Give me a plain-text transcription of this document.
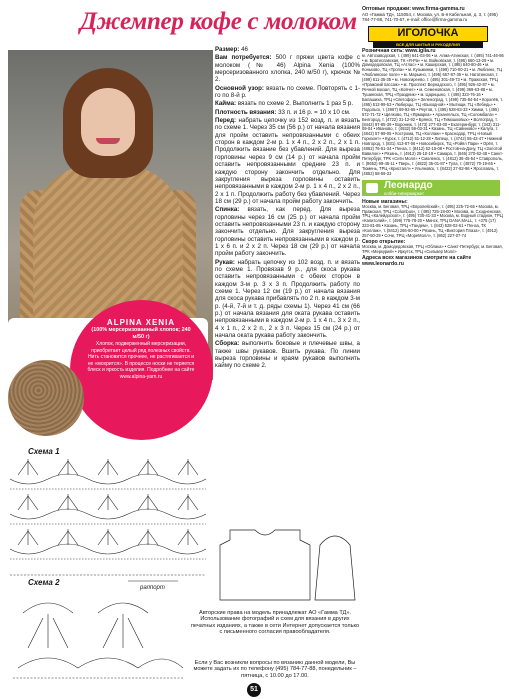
Джемпер кофе с молоком
ALPINA XENIA
(100% мерсеризованный хлопок; 240 м/50 г)
Хлопок, подверженный мерсеризации, приобретает целый ряд полезных свойств. Нить становится прочнее, не растягивается и не «мохрится». В процессе носки не теряется блеск и яркость изделия. Подробнее на сайте www.alpina-yarn.ru

Размер: 46

Вам потребуется: 500 г пряжи цвета кофе с молоком (№ 46) Alpina Xenia (100% мерсеризованного хлопка, 240 м/50 г), крючок № 2.

Основной узор: вязать по схеме. Повторять с 1-го по 8-й р.

Кайма: вязать по схеме 2. Выполнить 1 раз 5 р.

Плотность вязания: 33 п. и 16 р. = 10 х 10 см.

Перед: набрать цепочку из 152 возд. п. и вязать по схеме 1. Через 35 см (56 р.) от начала вязания для пройм оставить непровязанными с обеих сторон в каждом 2-м р. 1 х 4 п., 2 х 2 п., 2 х 1 п. Продолжить вязание без убавлений. Для выреза горловины через 9 см (14 р.) от начала пройм оставить непровязанными средние 23 п. и каждую сторону закончить отдельно. Для закругления выреза горловины оставить непровязанными в каждом 2-м р. 1 х 4 п., 2 х 2 п., 2 х 1 п. Продолжить работу без убавлений. Через 18 см (29 р.) от начала пройм работу закончить.

Спинка: вязать, как перед. Для выреза горловины через 16 см (25 р.) от начала пройм оставить непровязанными 23 п. и каждую сторону закончить отдельно. Для закругления выреза горловины оставить непровязанными в каждом р. 1 х 6 п. и 2 х 2 п. Через 18 см (29 р.) от начала пройм работу закончить.

Рукав: набрать цепочку из 102 возд. п. и вязать по схеме 1. Провязав 9 р., для скоса рукава оставить непровязанными с обеих сторон в каждом 3-м р. 3 х 3 п. Продолжить работу по схеме 1. Через 12 см (19 р.) от начала вязания для скоса рукава прибавлять по 2 п. в каждом 3-м р. (4-й, 7-й и т. д. ряды схемы 1). Через 41 см (66 р.) от начала вязания для оката рукава оставить непровязанными в каждом 2-м р. 1 х 4 п., 3 х 2 п., 4 х 1 п., 2 х 2 п., 2 х 3 п. Через 15 см (24 р.) от начала оката рукава работу закончить.

Сборка: выполнить боковые и плечевые швы, а также швы рукавов. Вшить рукава. По линии выреза горловины и краям рукавов выполнить кайму по схеме 2.

Схема 1
раппорт
Схема 2
Авторские права на модель принадлежат АО «Гамма ТД». Использование фотографий и схем для вязания в других печатных изданиях, а также в сети Интернет допускается только с письменного согласия правообладателя.
Если у Вас возникли вопросы по вязанию данной модели, Вы можете задать их по телефону (495) 784-77-88, понедельник – пятница, с 10.00 до 17.00.
51
Оптовые продажи: www.firma-gamma.ru
АО «Гамма ТД», 115054, г. Москва, ул. Б-я Кабельная, д. 3, т. (495) 784-77-88, 741-70-67, e-mail: office@firma-gamma.ru
ИГОЛОЧКА
ВСЕ ДЛЯ ШИТЬЯ И РУКОДЕЛИЯ
Розничная сеть: www.iglia.ru
м. Автозаводская, т. (499) 641-03-06 • м. Алма-Атинская, т. (495) 741-46-86 • м. Братиславская, ТК «Я-Ра» • м. Войковская, т. (495) 660-13-28 • м. Домодедовская, ТЦ «Атлас» • м. Каширская, т. (495) 640-80-46 • м. Коньково, ТЦ «Тропа» • м. Кузьминки, т. (499) 710-00-21 • м. Люблино, ТЦ «Люблинское поле» • м. Марьино, т. (495) 657-87-35 • м. Нагатинская, т. (499) 611-35-35 • м. Новогиреево, т. (495) 301-49-73 • м. Пражская, ТРЦ «Пражский пассаж» • м. Проспект Вернадского, т. (495) 926-42-87 • м. Речной вокзал, ТЦ «Ковчег» • м. Семеновская, т. (499) 369-63-88 • м. Тушинская, ТРЦ «Праздник» • м. Царицыно, т. (495) 323-76-16 • Балашиха, ТРЦ «Светофор» • Зеленоград, т. (499) 735-84-54 • Королёв, т. (495) 512-99-53 • Люберцы, ТЦ «Выходной» • Мытищи, ТЦ «Лебедь» • Подольск, т. (4967) 69-92-65 • Реутов, т. (495) 528-63-33 • Химки, т. (495) 572-71-72 • Щёлково, ТЦ «Ярмарка» • Архангельск, ТЦ «Соломбала» • Белгород, т. (4722) 31-12-92 • Брянск, ТЦ «Тимошковых» • Волгоград, т. (8442) 97-85-39 • Воронеж, т. (473) 277-03-00 • Екатеринбург, т. (343) 311-09-04 • Иваново, т. (4932) 59-03-31 • Казань, ТЦ «Савиново» • Калуга, т. (4842) 57-99-05 • Кострома, ТЦ «Коллаж» • Краснодар, ТРЦ «Новый Горизонт» • Курск, т. (4712) 51-12-28 • Липецк, т. (4742) 55-42-47 • Нижний Новгород, т. (831) 413-87-06 • Новосибирск, ТЦ «Ройял Парк» • Орёл, т. (4862) 76-51-34 • Пенза, т. (8412) 52-15-08 • Ростов-на-Дону, ТЦ «Золотой Вавилон» • Рязань, т. (4912) 25-10-19 • Самара, т. (846) 270-62-48 • Санкт-Петербург, ТРК «Сити Молл» • Смоленск, т. (4812) 38-45-54 • Ставрополь, т. (8652) 99-45-11 • Тверь, т. (4822) 35-01-87 • Тула, т. (4872) 70-19-65 • Тюмень, ТРЦ «Кристалл» • Ульяновск, т. (8422) 27-82-96 • Ярославль, т. (4852) 58-59-33
Леонардо
хобби-гипермаркет
Новые магазины:
Москва, м. Беговая, ТРЦ «Европейский», т. (495) 225-72-65 • Москва, м. Пражская, ТРЦ «Columbus», т. (495) 725-18-00 • Москва, м. Сходненская, ТРЦ «Калейдоскоп», т. (495) 730-41-33 • Москва, м. Водный стадион, ТРЦ «Капитолий», т. (499) 775-78-20 • Минск, ТРЦ DANA MALL, т. +375 (17) 323-81-85 • Казань, ТРЦ «Тандем», т. (843) 528-02-61 • Пенза, ТК «Коллаж», т. (8412) 266-60-00 • Рязань, ТЦ «Виктория Плаза», т. (4912) 257-50-29 • Сочи, ТРЦ «МореМолл», т. (862) 227-07-74
Скоро открытие:
Москва, м. Домодедовская, ТРЦ «Облака» • Санкт-Петербург, м. Беговая, ТРК «Меркурий» • Иркутск, ТРЦ «Сильвер Молл»
Адреса всех магазинов смотрите на сайте www.leonardo.ru
